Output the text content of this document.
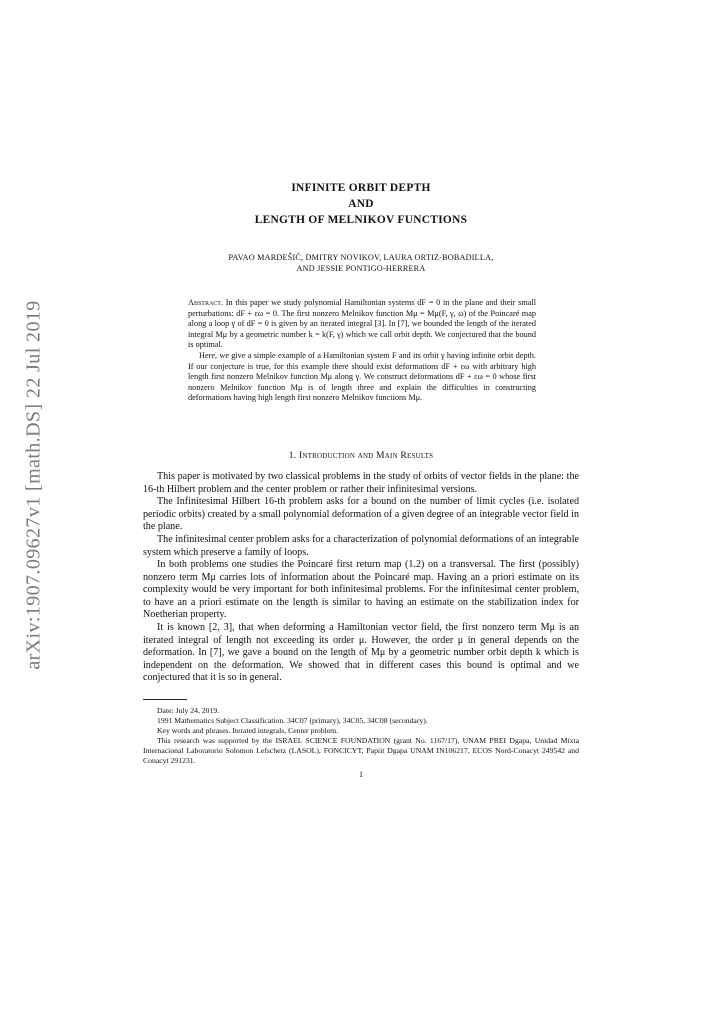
arXiv:1907.09627v1 [math.DS] 22 Jul 2019
INFINITE ORBIT DEPTH
AND
LENGTH OF MELNIKOV FUNCTIONS
PAVAO MARDEŠIĆ, DMITRY NOVIKOV, LAURA ORTIZ-BOBADILLA,
AND JESSIE PONTIGO-HERRERA

Abstract. In this paper we study polynomial Hamiltonian systems dF = 0 in the plane and their small perturbations: dF + εω = 0. The first nonzero Melnikov function Mμ = Mμ(F, γ, ω) of the Poincaré map along a loop γ of dF = 0 is given by an iterated integral [3]. In [7], we bounded the length of the iterated integral Mμ by a geometric number k = k(F, γ) which we call orbit depth. We conjectured that the bound is optimal.

Here, we give a simple example of a Hamiltonian system F and its orbit γ having infinite orbit depth. If our conjecture is true, for this example there should exist deformations dF + εω with arbitrary high length first nonzero Melnikov function Mμ along γ. We construct deformations dF + εω = 0 whose first nonzero Melnikov function Mμ is of length three and explain the difficulties in constructing deformations having high length first nonzero Melnikov functions Mμ.

1. Introduction and Main Results

This paper is motivated by two classical problems in the study of orbits of vector fields in the plane: the 16-th Hilbert problem and the center problem or rather their infinitesimal versions.

The Infinitesimal Hilbert 16-th problem asks for a bound on the number of limit cycles (i.e. isolated periodic orbits) created by a small polynomial deformation of a given degree of an integrable vector field in the plane.

The infinitesimal center problem asks for a characterization of polynomial deformations of an integrable system which preserve a family of loops.

In both problems one studies the Poincaré first return map (1.2) on a transversal. The first (possibly) nonzero term Mμ carries lots of information about the Poincaré map. Having an a priori estimate on its complexity would be very important for both infinitesimal problems. For the infinitesimal center problem, to have an a priori estimate on the length is similar to having an estimate on the stabilization index for Noetherian property.

It is known [2, 3], that when deforming a Hamiltonian vector field, the first nonzero term Mμ is an iterated integral of length not exceeding its order μ. However, the order μ in general depends on the deformation. In [7], we gave a bound on the length of Mμ by a geometric number orbit depth k which is independent on the deformation. We showed that in different cases this bound is optimal and we conjectured that it is so in general.

Date: July 24, 2019.

1991 Mathematics Subject Classification. 34C07 (primary), 34C05, 34C08 (secondary).

Key words and phrases. Iterated integrals, Center problem.

This research was supported by the ISRAEL SCIENCE FOUNDATION (grant No. 1167/17), UNAM PREI Dgapa, Unidad Mixta Internacional Laboratorio Solomon Lefschetz (LASOL), FONCICYT, Papiit Dgapa UNAM IN106217, ECOS Nord-Conacyt 249542 and Conacyt 291231.

1
